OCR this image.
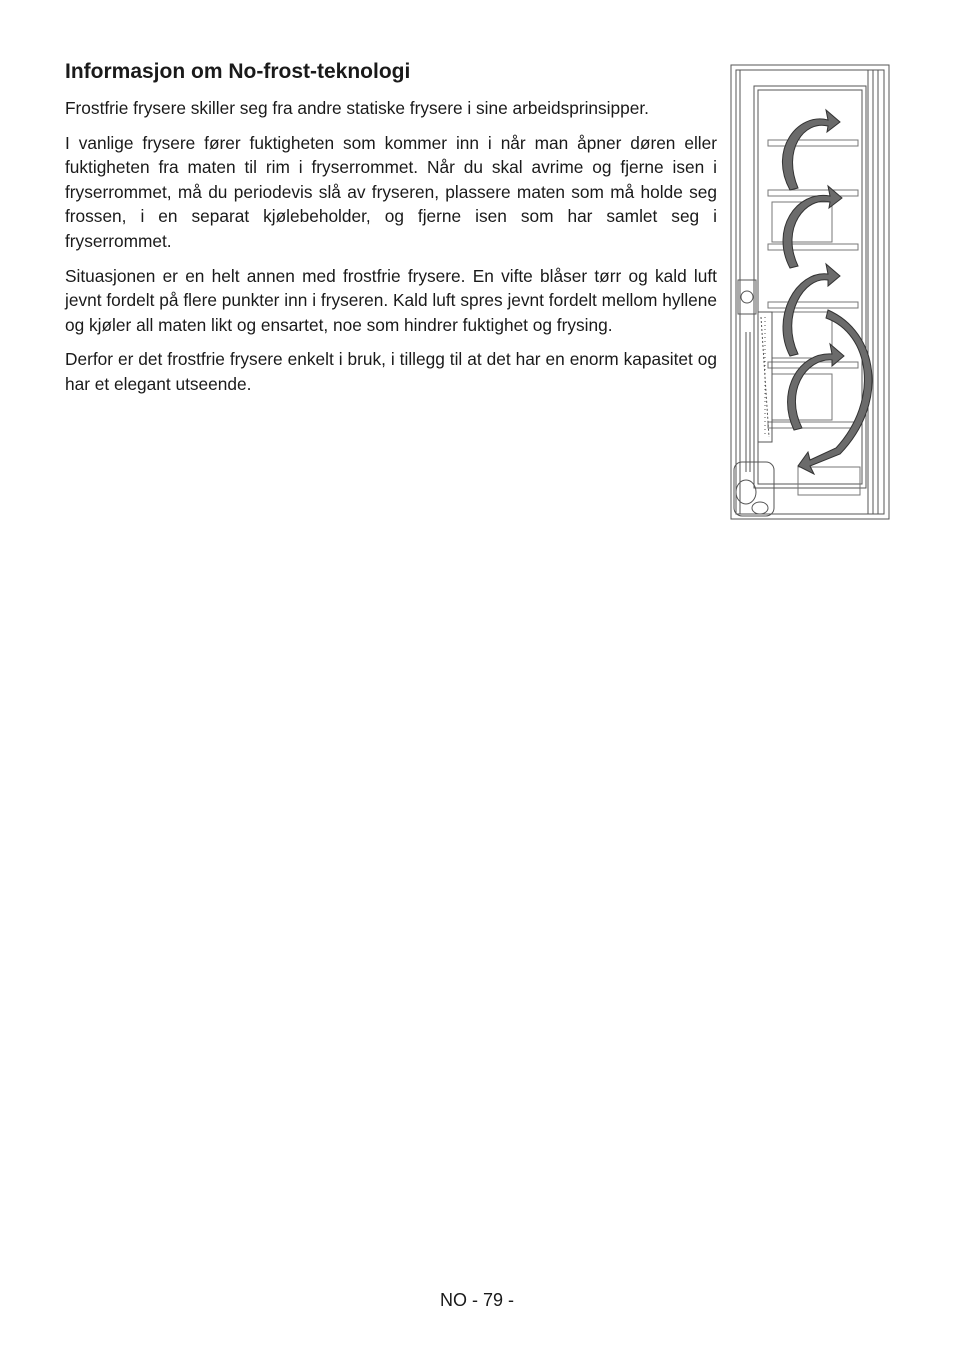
Informasjon om No-frost-teknologi

Frostfrie frysere skiller seg fra andre statiske frysere i sine arbeidsprinsipper.

I vanlige frysere fører fuktigheten som kommer inn i når man åpner døren eller fuktigheten fra maten til rim i fryserrommet. Når du skal avrime og fjerne isen i fryserrommet, må du periodevis slå av fryseren, plassere maten som må holde seg frossen, i en separat kjølebeholder, og fjerne isen som har samlet seg i fryserrommet.

Situasjonen er en helt annen med frostfrie frysere. En vifte blåser tørr og kald luft jevnt fordelt på flere punkter inn i fryseren. Kald luft spres jevnt fordelt mellom hyllene og kjøler all maten likt og ensartet, noe som hindrer fuktighet og frysing.

Derfor er det frostfrie frysere enkelt i bruk, i tillegg til at det har en enorm kapasitet og har et elegant utseende.

NO - 79 -
